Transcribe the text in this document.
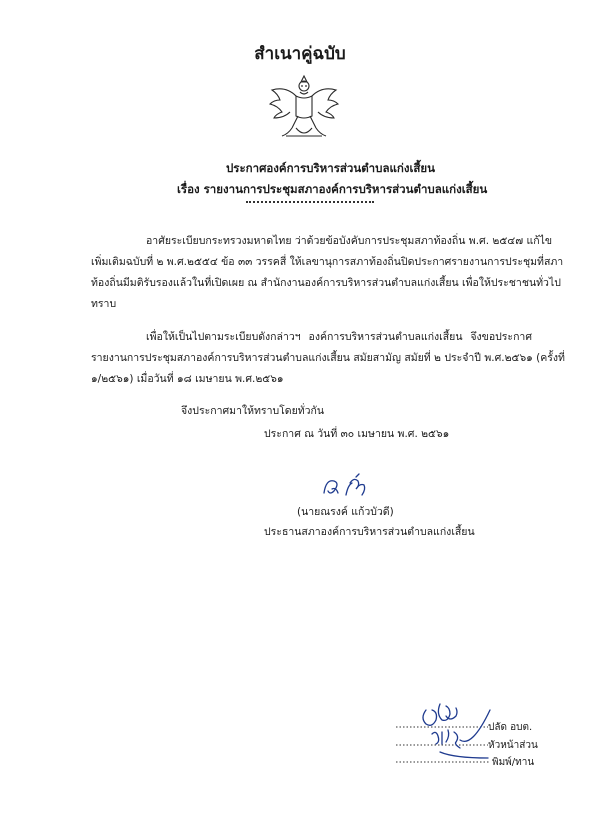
สำเนาคู่ฉบับ
ประกาศองค์การบริหารส่วนตำบลแก่งเสี้ยน
เรื่อง รายงานการประชุมสภาองค์การบริหารส่วนตำบลแก่งเสี้ยน
อาศัยระเบียบกระทรวงมหาดไทย ว่าด้วยข้อบังคับการประชุมสภาท้องถิ่น พ.ศ. ๒๕๔๗ แก้ไข
เพิ่มเติมฉบับที่ ๒ พ.ศ.๒๕๕๔ ข้อ ๓๓ วรรคสี่ ให้เลขานุการสภาท้องถิ่นปิดประกาศรายงานการประชุมที่สภา
ท้องถิ่นมีมติรับรองแล้วในที่เปิดเผย ณ สำนักงานองค์การบริหารส่วนตำบลแก่งเสี้ยน เพื่อให้ประชาชนทั่วไป
ทราบ
เพื่อให้เป็นไปตามระเบียบดังกล่าวฯ องค์การบริหารส่วนตำบลแก่งเสี้ยน จึงขอประกาศ
รายงานการประชุมสภาองค์การบริหารส่วนตำบลแก่งเสี้ยน สมัยสามัญ สมัยที่ ๒ ประจำปี พ.ศ.๒๕๖๑ (ครั้งที่
๑/๒๕๖๑) เมื่อวันที่ ๑๘ เมษายน พ.ศ.๒๕๖๑
จึงประกาศมาให้ทราบโดยทั่วกัน
ประกาศ ณ วันที่ ๓๐ เมษายน พ.ศ. ๒๕๖๑
(นายณรงค์ แก้วบัวดี)
ประธานสภาองค์การบริหารส่วนตำบลแก่งเสี้ยน
ปลัด อบต.
หัวหน้าส่วน
พิมพ์/ทาน
